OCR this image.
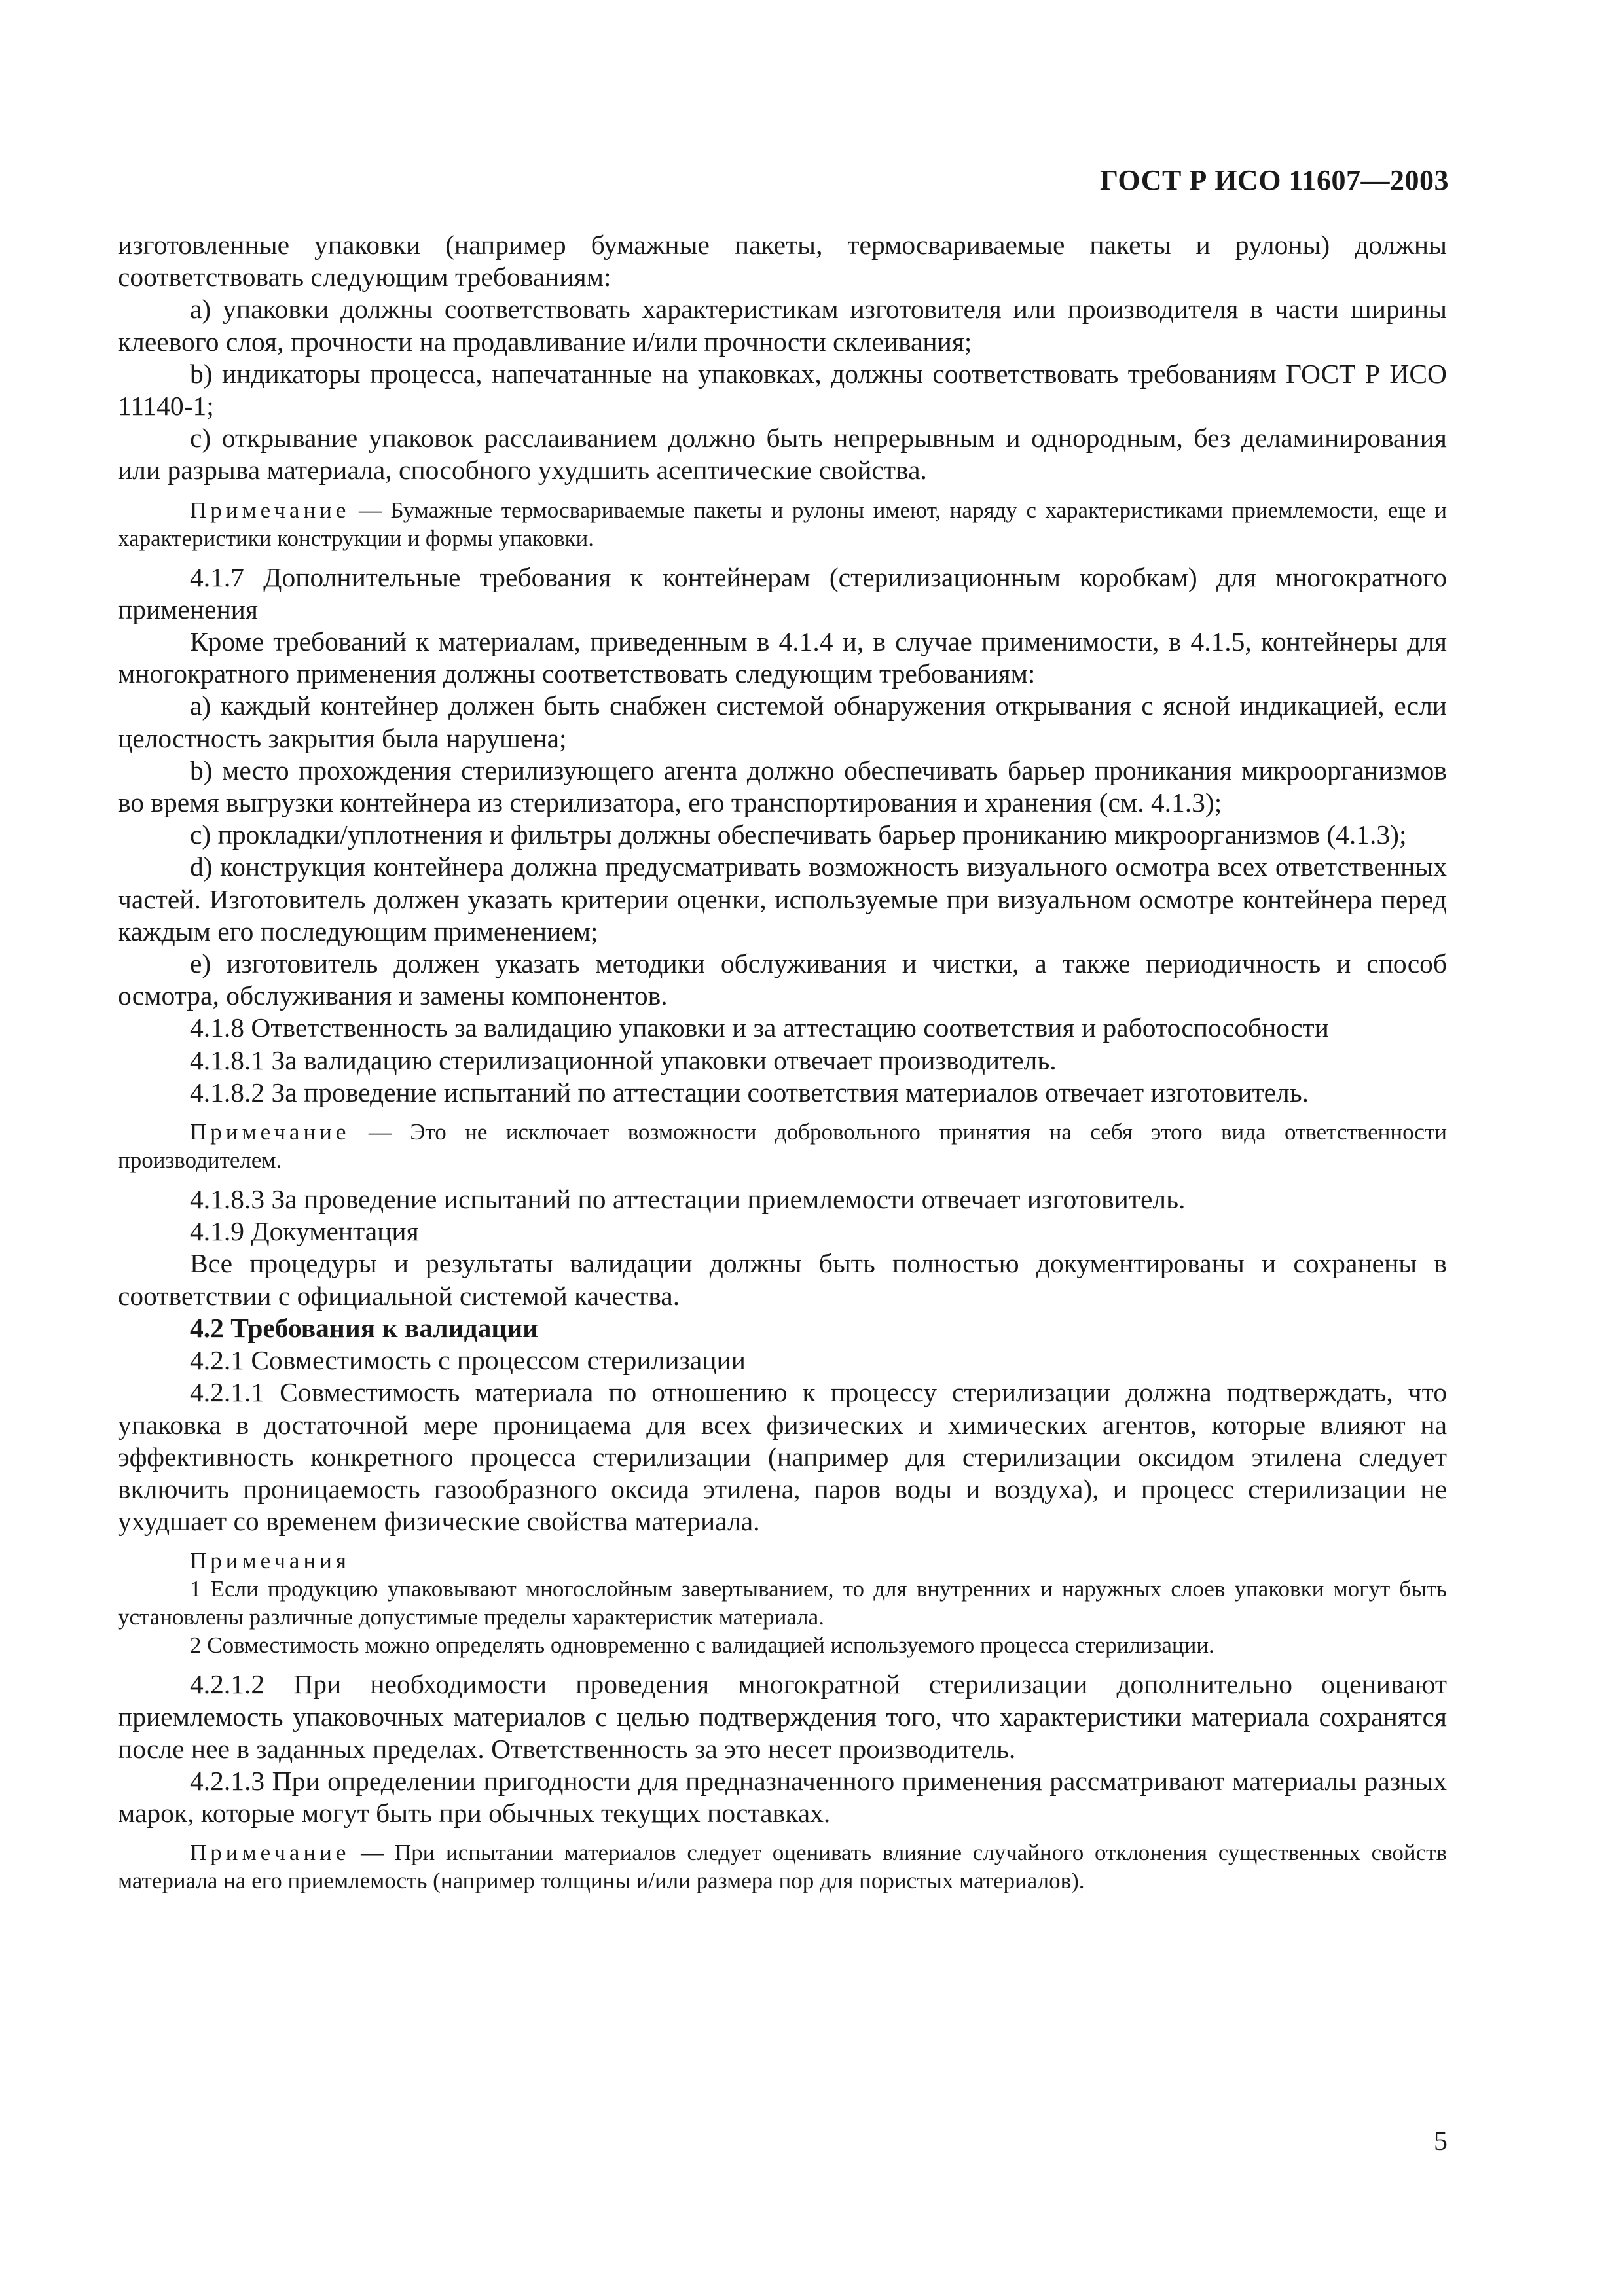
ГОСТ Р ИСО 11607—2003

изготовленные упаковки (например бумажные пакеты, термосвариваемые пакеты и рулоны) должны соответствовать следующим требованиям:

a) упаковки должны соответствовать характеристикам изготовителя или производителя в части ширины клеевого слоя, прочности на продавливание и/или прочности склеивания;

b) индикаторы процесса, напечатанные на упаковках, должны соответствовать требованиям ГОСТ Р ИСО 11140-1;

c) открывание упаковок расслаиванием должно быть непрерывным и однородным, без деламинирования или разрыва материала, способного ухудшить асептические свойства.

Примечание — Бумажные термосвариваемые пакеты и рулоны имеют, наряду с характеристиками приемлемости, еще и характеристики конструкции и формы упаковки.

4.1.7 Дополнительные требования к контейнерам (стерилизационным коробкам) для многократного применения

Кроме требований к материалам, приведенным в 4.1.4 и, в случае применимости, в 4.1.5, контейнеры для многократного применения должны соответствовать следующим требованиям:

a) каждый контейнер должен быть снабжен системой обнаружения открывания с ясной индикацией, если целостность закрытия была нарушена;

b) место прохождения стерилизующего агента должно обеспечивать барьер проникания микроорганизмов во время выгрузки контейнера из стерилизатора, его транспортирования и хранения (см. 4.1.3);

c) прокладки/уплотнения и фильтры должны обеспечивать барьер прониканию микроорганизмов (4.1.3);

d) конструкция контейнера должна предусматривать возможность визуального осмотра всех ответственных частей. Изготовитель должен указать критерии оценки, используемые при визуальном осмотре контейнера перед каждым его последующим применением;

e) изготовитель должен указать методики обслуживания и чистки, а также периодичность и способ осмотра, обслуживания и замены компонентов.

4.1.8 Ответственность за валидацию упаковки и за аттестацию соответствия и работоспособности

4.1.8.1 За валидацию стерилизационной упаковки отвечает производитель.

4.1.8.2 За проведение испытаний по аттестации соответствия материалов отвечает изготовитель.

Примечание — Это не исключает возможности добровольного принятия на себя этого вида ответственности производителем.

4.1.8.3 За проведение испытаний по аттестации приемлемости отвечает изготовитель.

4.1.9 Документация

Все процедуры и результаты валидации должны быть полностью документированы и сохранены в соответствии с официальной системой качества.

4.2 Требования к валидации

4.2.1 Совместимость с процессом стерилизации

4.2.1.1 Совместимость материала по отношению к процессу стерилизации должна подтверждать, что упаковка в достаточной мере проницаема для всех физических и химических агентов, которые влияют на эффективность конкретного процесса стерилизации (например для стерилизации оксидом этилена следует включить проницаемость газообразного оксида этилена, паров воды и воздуха), и процесс стерилизации не ухудшает со временем физические свойства материала.

Примечания

1 Если продукцию упаковывают многослойным завертыванием, то для внутренних и наружных слоев упаковки могут быть установлены различные допустимые пределы характеристик материала.

2 Совместимость можно определять одновременно с валидацией используемого процесса стерилизации.

4.2.1.2 При необходимости проведения многократной стерилизации дополнительно оценивают приемлемость упаковочных материалов с целью подтверждения того, что характеристики материала сохранятся после нее в заданных пределах. Ответственность за это несет производитель.

4.2.1.3 При определении пригодности для предназначенного применения рассматривают материалы разных марок, которые могут быть при обычных текущих поставках.

Примечание — При испытании материалов следует оценивать влияние случайного отклонения существенных свойств материала на его приемлемость (например толщины и/или размера пор для пористых материалов).

5
